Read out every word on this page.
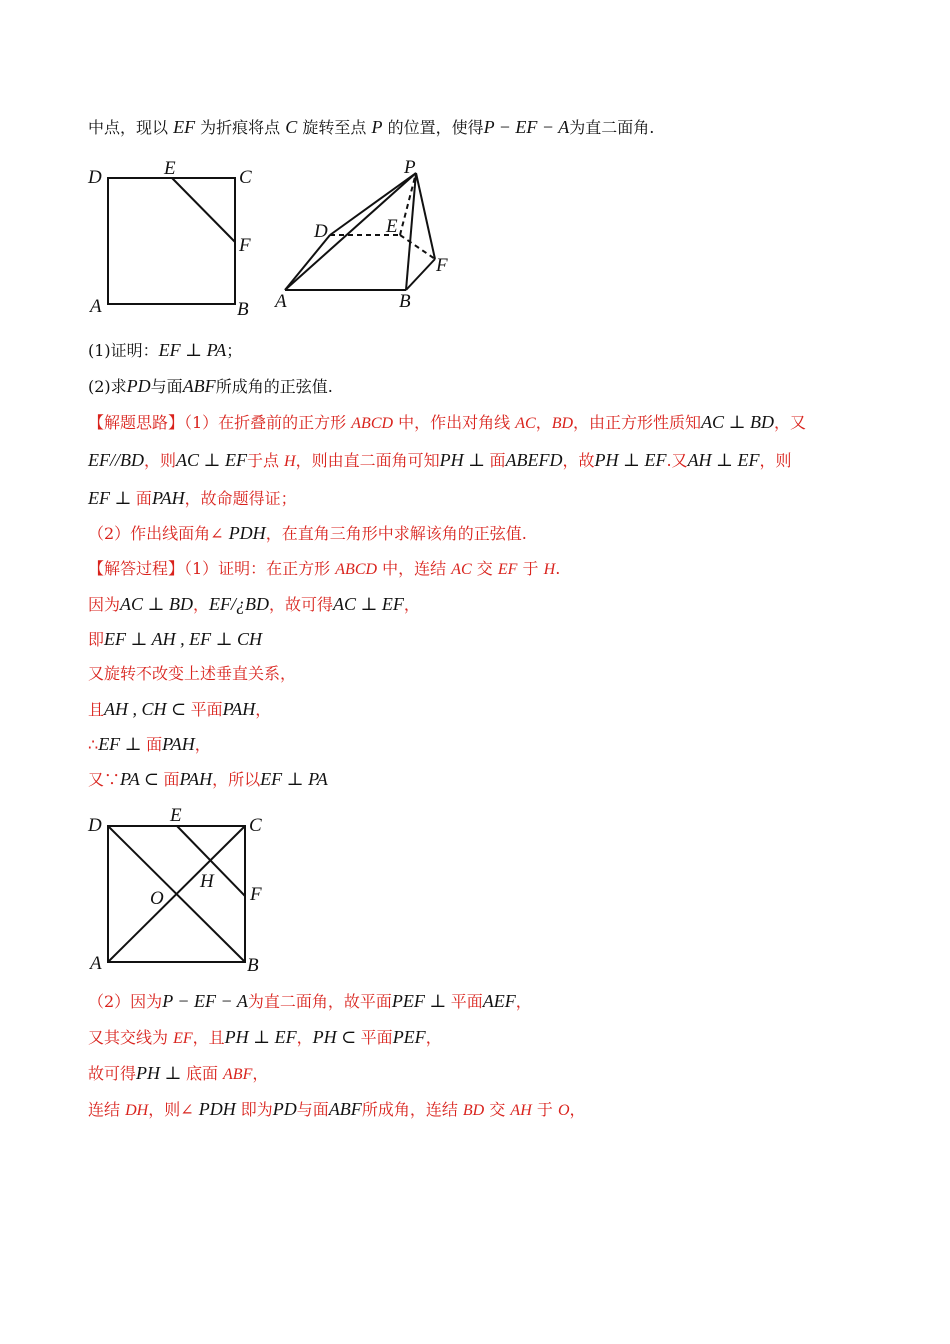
中点，现以 EF 为折痕将点 C 旋转至点 P 的位置，使得P − EF − A为直二面角.
D	E	C
F
A	B
P
D	E
F
A	B
(1)证明：EF ⊥ PA；
(2)求PD与面ABF所成角的正弦值.
【解题思路】（1）在折叠前的正方形 ABCD 中，作出对角线 AC，BD，由正方形性质知AC ⊥ BD，又
EF//BD，则AC ⊥ EF于点 H，则由直二面角可知PH ⊥ 面ABEFD，故PH ⊥ EF.又AH ⊥ EF，则
EF ⊥ 面PAH，故命题得证；
（2）作出线面角∠ PDH，在直角三角形中求解该角的正弦值.
【解答过程】（1）证明：在正方形 ABCD 中，连结 AC 交 EF 于 H.
因为AC ⊥ BD，EF/¿BD，故可得AC ⊥ EF，
即EF ⊥ AH , EF ⊥ CH
又旋转不改变上述垂直关系，
且AH , CH ⊂ 平面PAH，
∴EF ⊥ 面PAH，
又∵PA ⊂ 面PAH，所以EF ⊥ PA
D	E	C
H
O	F
A	B
（2）因为P − EF − A为直二面角，故平面PEF ⊥ 平面AEF，
又其交线为 EF，且PH ⊥ EF，PH ⊂ 平面PEF，
故可得PH ⊥ 底面 ABF，
连结 DH，则∠ PDH 即为PD与面ABF所成角，连结 BD 交 AH 于 O，
